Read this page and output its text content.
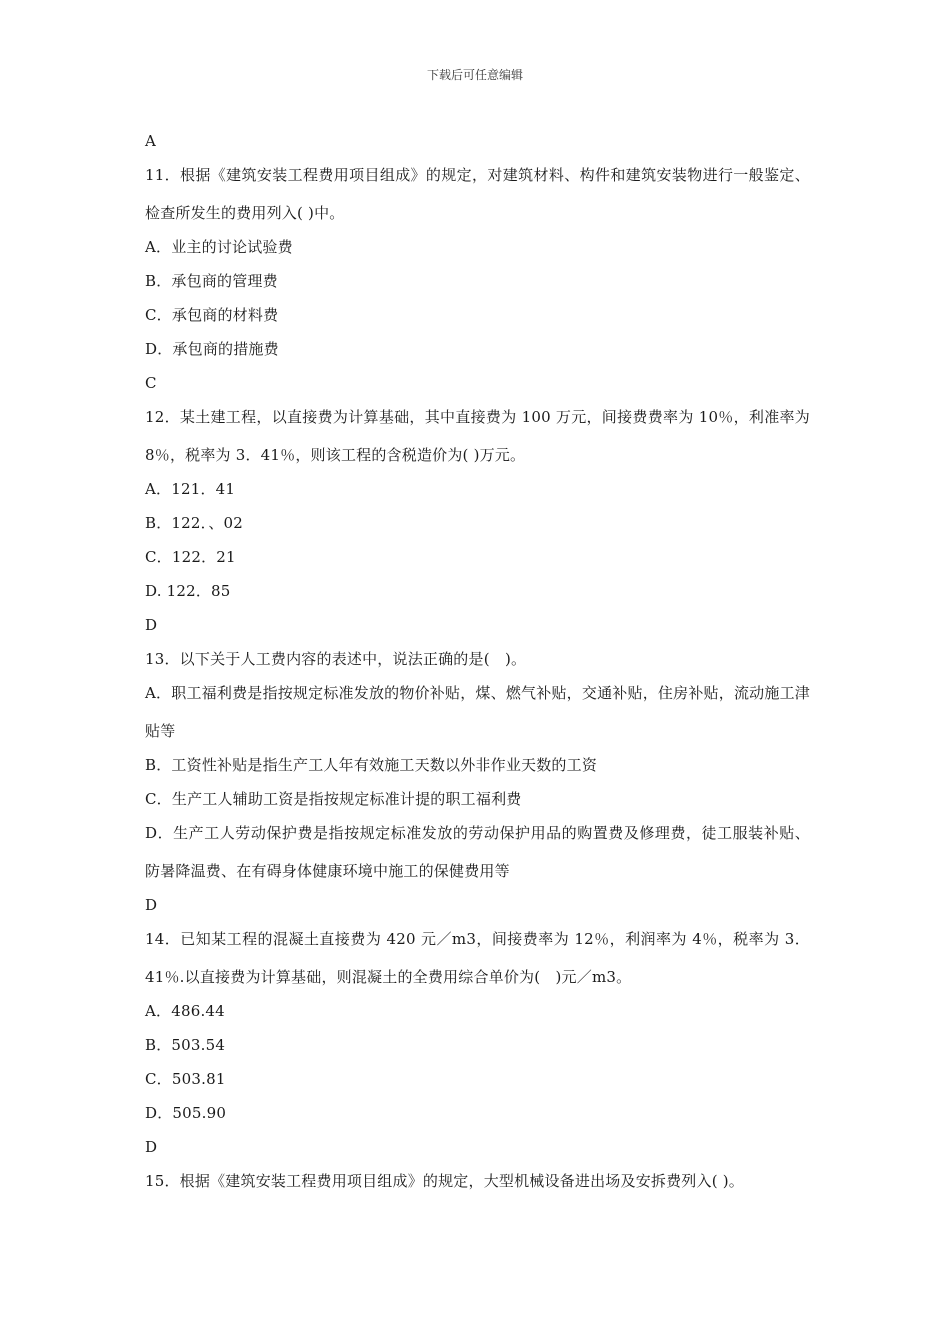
下载后可任意编辑
A
11．根据《建筑安装工程费用项目组成》的规定，对建筑材料、构件和建筑安装物进行一般鉴定、检查所发生的费用列入( )中。
A．业主的讨论试验费
B．承包商的管理费
C．承包商的材料费
D．承包商的措施费
C
12．某土建工程，以直接费为计算基础，其中直接费为 100 万元，间接费费率为 10％，利准率为 8％，税率为 3．41％，则该工程的含税造价为( )万元。
A．121．41
B．122．、02
C．122．21
D. 122．85
D
13．以下关于人工费内容的表述中，说法正确的是(　)。
A．职工福利费是指按规定标准发放的物价补贴，煤、燃气补贴，交通补贴，住房补贴，流动施工津贴等
B．工资性补贴是指生产工人年有效施工天数以外非作业天数的工资
C．生产工人辅助工资是指按规定标准计提的职工福利费
D．生产工人劳动保护费是指按规定标准发放的劳动保护用品的购置费及修理费，徒工服装补贴、防暑降温费、在有碍身体健康环境中施工的保健费用等
D
14．已知某工程的混凝土直接费为 420 元／m3，间接费率为 12％，利润率为 4％，税率为 3．41％.以直接费为计算基础，则混凝土的全费用综合单价为(　)元／m3。
A．486.44
B．503.54
C．503.81
D．505.90
D
15．根据《建筑安装工程费用项目组成》的规定，大型机械设备进出场及安拆费列入( )。
